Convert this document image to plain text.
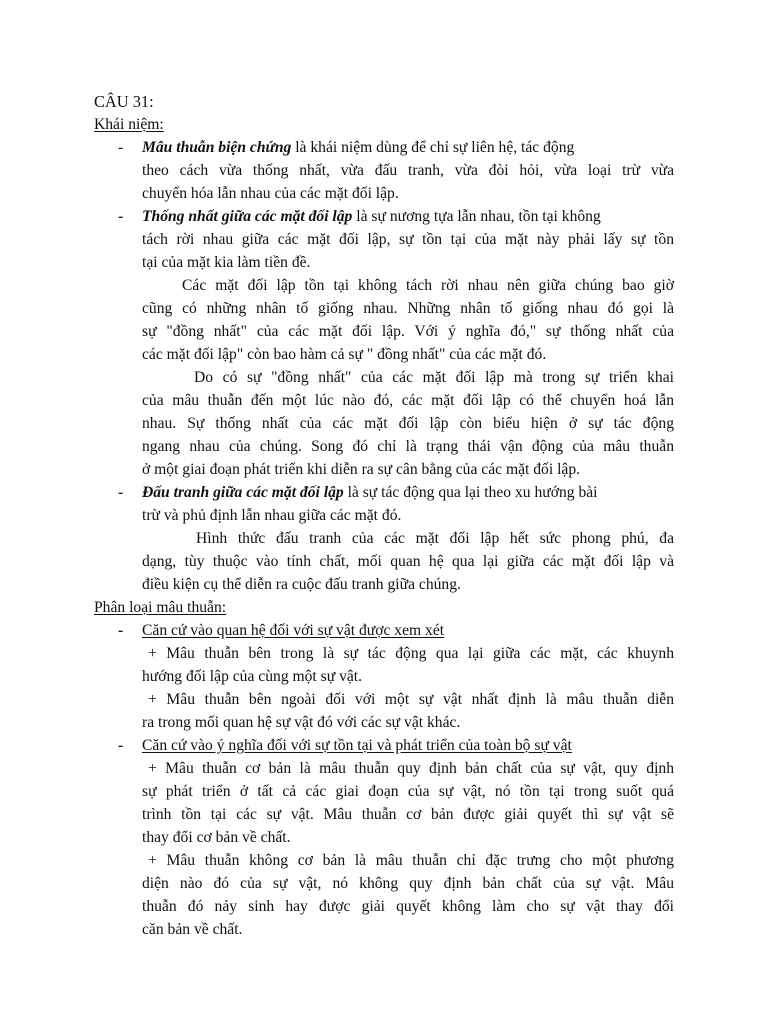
CÂU 31:
Khái niệm:
- Mâu thuẫn biện chứng là khái niệm dùng để chỉ sự liên hệ, tác động
theo cách vừa thống nhất, vừa đấu tranh, vừa đòi hỏi, vừa loại trừ vừa
chuyển hóa lẫn nhau của các mặt đối lập.
- Thống nhất giữa các mặt đối lập là sự nương tựa lẫn nhau, tồn tại không
tách rời nhau giữa các mặt đối lập, sự tồn tại của mặt này phải lấy sự tồn
tại của mặt kia làm tiền đề.
Các mặt đối lập tồn tại không tách rời nhau nên giữa chúng bao giờ
cũng có những nhân tố giống nhau. Những nhân tố giống nhau đó gọi là
sự "đồng nhất" của các mặt đối lập. Với ý nghĩa đó," sự thống nhất của
các mặt đối lập" còn bao hàm cả sự " đồng nhất" của các mặt đó.
Do có sự "đồng nhất" của các mặt đối lập mà trong sự triển khai
của mâu thuẫn đến một lúc nào đó, các mặt đối lập có thể chuyển hoá lẫn
nhau. Sự thống nhất của các mặt đối lập còn biểu hiện ở sự tác động
ngang nhau của chúng. Song đó chỉ là trạng thái vận động của mâu thuẫn
ở một giai đoạn phát triển khi diễn ra sự cân bằng của các mặt đối lập.
- Đấu tranh giữa các mặt đối lập là sự tác động qua lại theo xu hướng bài
trừ và phủ định lẫn nhau giữa các mặt đó.
Hình thức đấu tranh của các mặt đối lập hết sức phong phú, đa
dạng, tùy thuộc vào tính chất, mối quan hệ qua lại giữa các mặt đối lập và
điều kiện cụ thể diễn ra cuộc đấu tranh giữa chúng.
Phân loại mâu thuẫn:
- Căn cứ vào quan hệ đối với sự vật được xem xét
+ Mâu thuẫn bên trong là sự tác động qua lại giữa các mặt, các khuynh
hướng đối lập của cùng một sự vật.
+ Mâu thuẫn bên ngoài đối với một sự vật nhất định là mâu thuẫn diễn
ra trong mối quan hệ sự vật đó với các sự vật khác.
- Căn cứ vào ý nghĩa đối với sự tồn tại và phát triển của toàn bộ sự vật
+ Mâu thuẫn cơ bản là mâu thuẫn quy định bản chất của sự vật, quy định
sự phát triển ở tất cả các giai đoạn của sự vật, nó tồn tại trong suốt quá
trình tồn tại các sự vật. Mâu thuẫn cơ bản được giải quyết thì sự vật sẽ
thay đổi cơ bản về chất.
+ Mâu thuẫn không cơ bản là mâu thuẫn chỉ đặc trưng cho một phương
diện nào đó của sự vật, nó không quy định bản chất của sự vật. Mâu
thuẫn đó nảy sinh hay được giải quyết không làm cho sự vật thay đổi
căn bản về chất.
